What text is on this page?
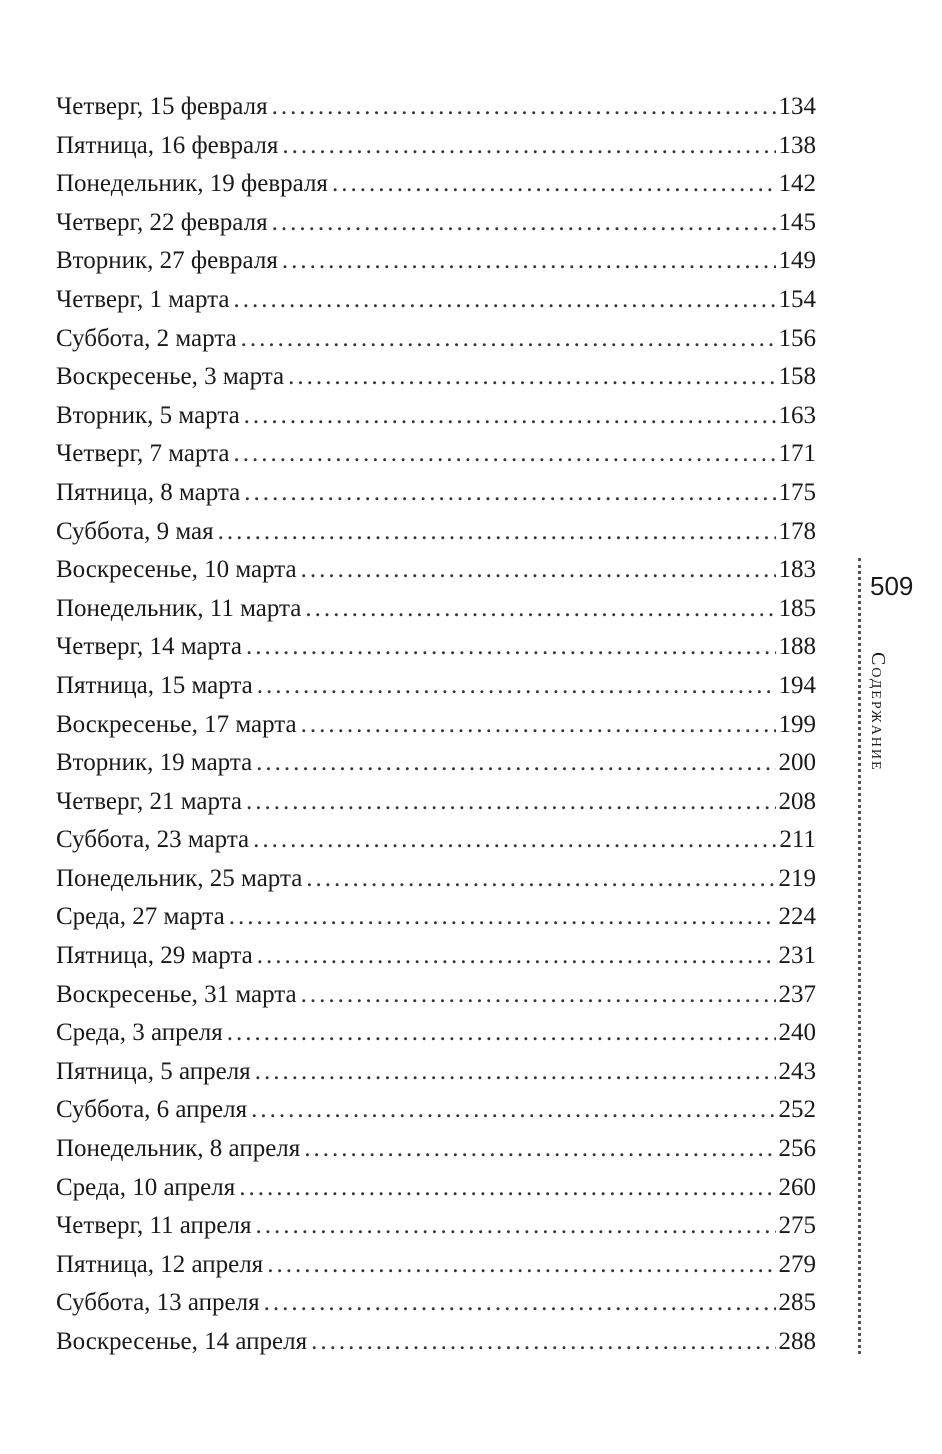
Четверг, 15 февраля .....	134
Пятница, 16 февраля .....	138
Понедельник, 19 февраля .....	142
Четверг, 22 февраля .....	145
Вторник, 27 февраля .....	149
Четверг, 1 марта .....	154
Суббота, 2 марта .....	156
Воскресенье, 3 марта .....	158
Вторник, 5 марта .....	163
Четверг, 7 марта .....	171
Пятница, 8 марта .....	175
Суббота, 9 мая .....	178
Воскресенье, 10 марта .....	183
Понедельник, 11 марта .....	185
Четверг, 14 марта .....	188
Пятница, 15 марта .....	194
Воскресенье, 17 марта .....	199
Вторник, 19 марта .....	200
Четверг, 21 марта .....	208
Суббота, 23 марта .....	211
Понедельник, 25 марта .....	219
Среда, 27 марта .....	224
Пятница, 29 марта .....	231
Воскресенье, 31 марта .....	237
Среда, 3 апреля .....	240
Пятница, 5 апреля .....	243
Суббота, 6 апреля .....	252
Понедельник, 8 апреля .....	256
Среда, 10 апреля .....	260
Четверг, 11 апреля .....	275
Пятница, 12 апреля .....	279
Суббота, 13 апреля .....	285
Воскресенье, 14 апреля .....	288
509
Содержание
